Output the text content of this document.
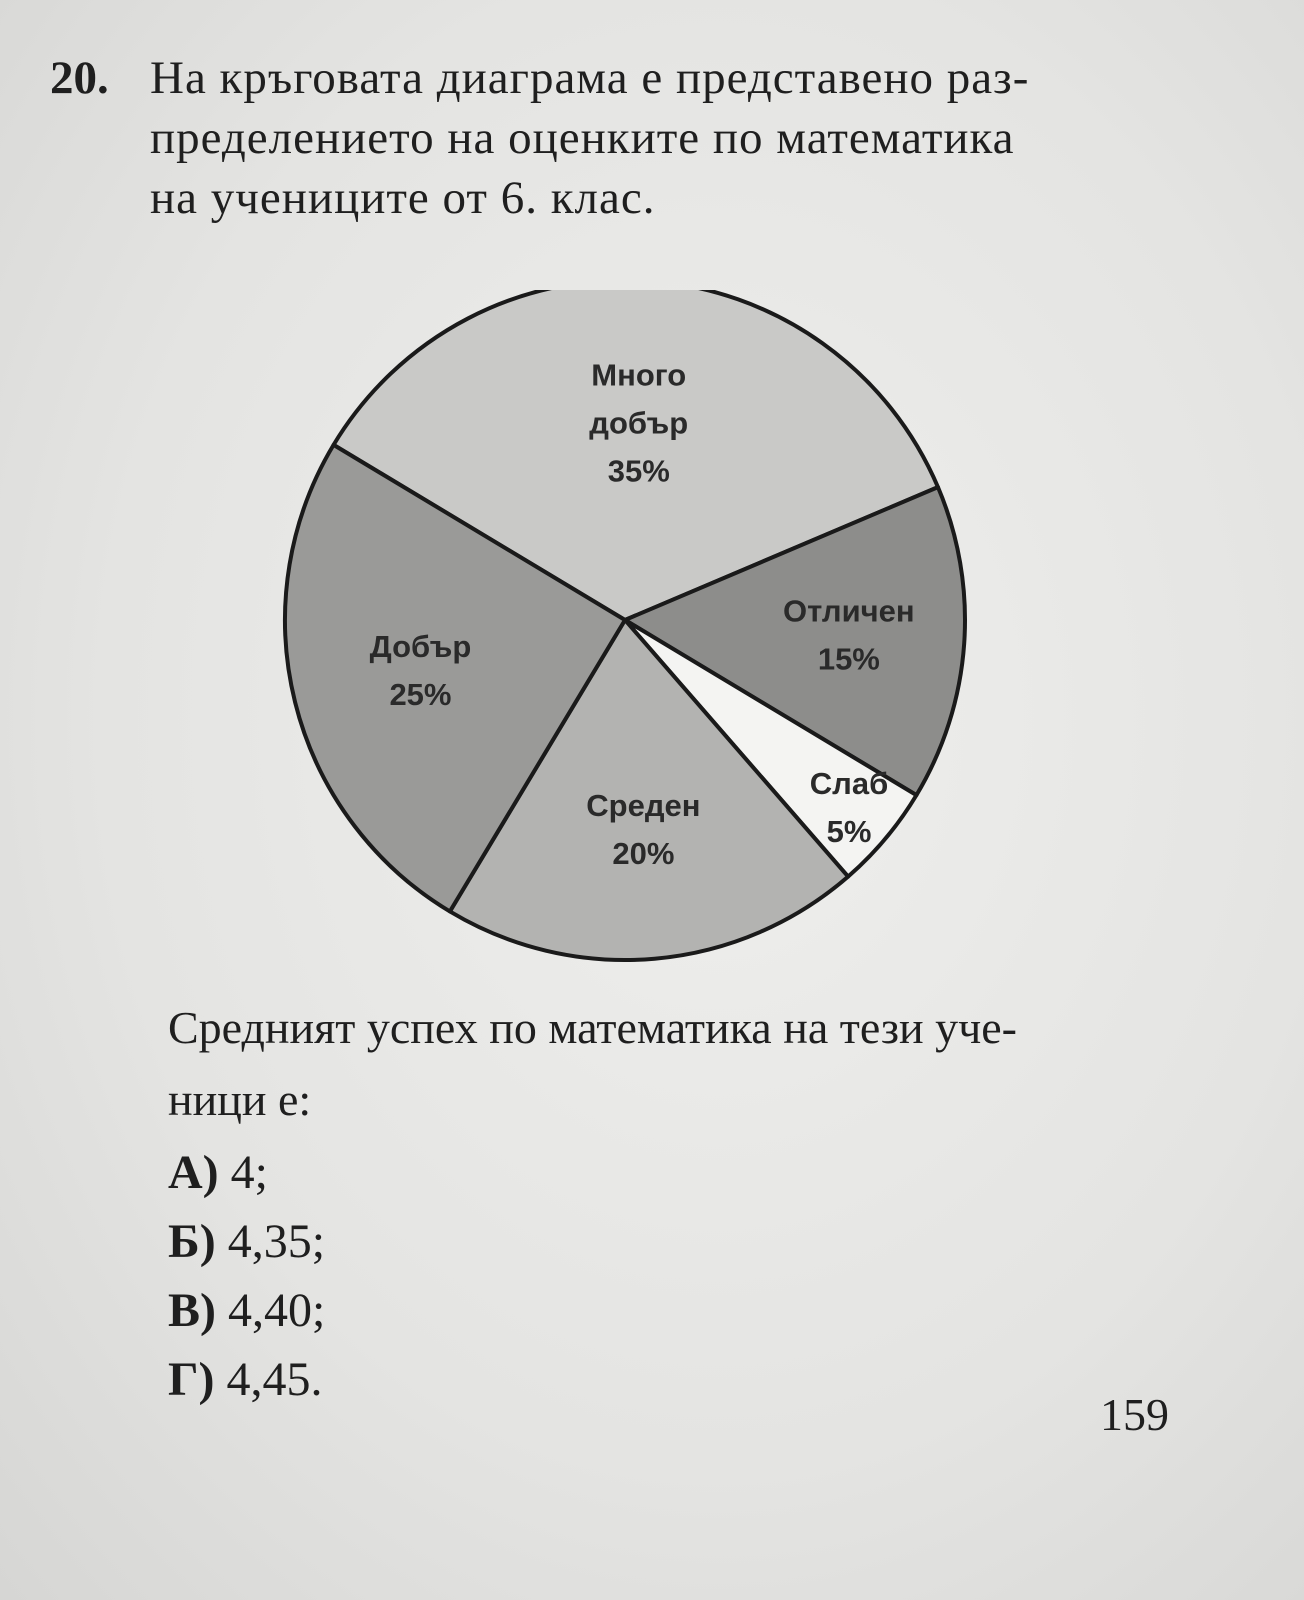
20. На кръговата диаграма е представено раз-
пределението на оценките по математика
на учениците от 6. клас.
Много
добър
35%
Отличен
15%
Слаб
5%
Среден
20%
Добър
25%
Средният успех по математика на тези уче-
ници е:
А) 4;
Б) 4,35;
В) 4,40;
Г) 4,45.
159
